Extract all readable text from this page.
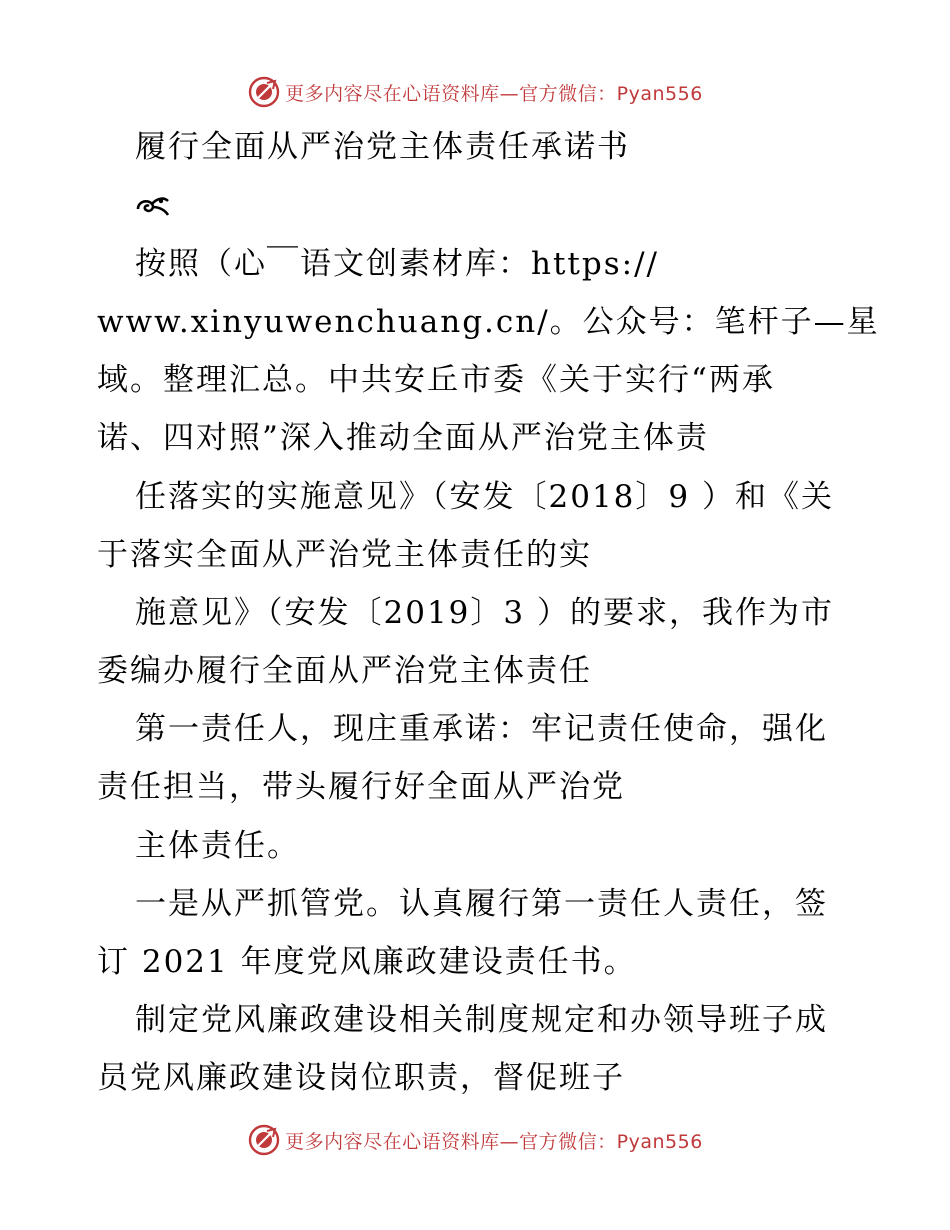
更多内容尽在心语资料库—官方微信：Pyan556
履行全面从严治党主体责任承诺书
按照（心￣语文创素材库：https://
www.xinyuwenchuang.cn/。公众号：笔杆子—星
域。整理汇总。中共安丘市委《关于实行“两承
诺、四对照”深入推动全面从严治党主体责
任落实的实施意见》（安发〔2018〕9 ）和《关
于落实全面从严治党主体责任的实
施意见》（安发〔2019〕3 ）的要求，我作为市
委编办履行全面从严治党主体责任
第一责任人，现庄重承诺：牢记责任使命，强化
责任担当，带头履行好全面从严治党
主体责任。
一是从严抓管党。认真履行第一责任人责任，签
订 2021 年度党风廉政建设责任书。
制定党风廉政建设相关制度规定和办领导班子成
员党风廉政建设岗位职责，督促班子
更多内容尽在心语资料库—官方微信：Pyan556
